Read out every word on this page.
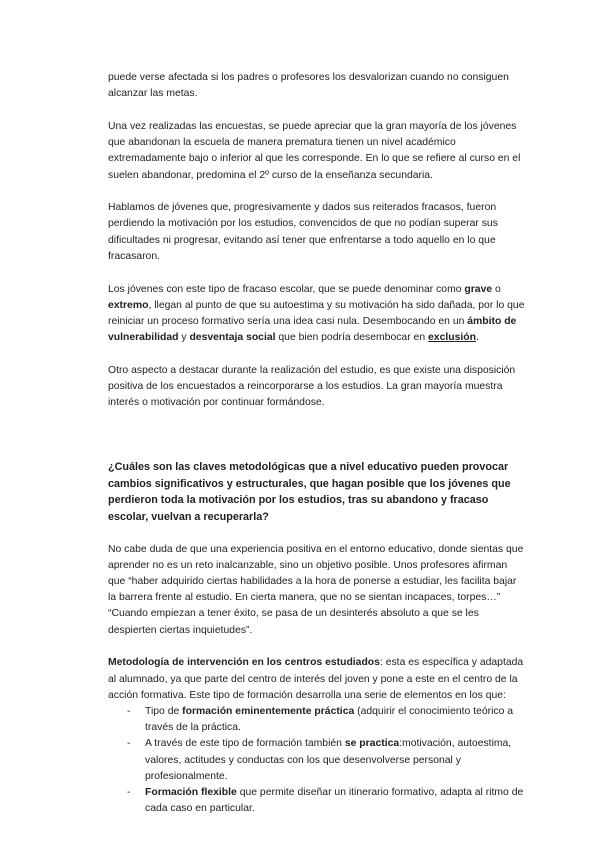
puede verse afectada si los padres o profesores los desvalorizan cuando no consiguen alcanzar las metas.

Una vez realizadas las encuestas, se puede apreciar que la gran mayoría de los jóvenes que abandonan la escuela de manera prematura tienen un nivel académico extremadamente bajo o inferior al que les corresponde. En lo que se refiere al curso en el suelen abandonar, predomina el 2º curso de la enseñanza secundaria.

Hablamos de jóvenes que, progresivamente y dados sus reiterados fracasos, fueron perdiendo la motivación por los estudios, convencidos de que no podían superar sus dificultades ni progresar, evitando así tener que enfrentarse a todo aquello en lo que fracasaron.

Los jóvenes con este tipo de fracaso escolar, que se puede denominar como grave o extremo, llegan al punto de que su autoestima y su motivación ha sido dañada, por lo que reiniciar un proceso formativo sería una idea casi nula. Desembocando en un ámbito de vulnerabilidad y desventaja social que bien podría desembocar en exclusión.

Otro aspecto a destacar durante la realización del estudio, es que existe una disposición positiva de los encuestados a reincorporarse a los estudios. La gran mayoría muestra interés o motivación por continuar formándose.

¿Cuáles son las claves metodológicas que a nivel educativo pueden provocar cambios significativos y estructurales, que hagan posible que los jóvenes que perdieron toda la motivación por los estudios, tras su abandono y fracaso escolar, vuelvan a recuperarla?

No cabe duda de que una experiencia positiva en el entorno educativo, donde sientas que aprender no es un reto inalcanzable, sino un objetivo posible. Unos profesores afirman que “haber adquirido ciertas habilidades a la hora de ponerse a estudiar, les facilita bajar la barrera frente al estudio. En cierta manera, que no se sientan incapaces, torpes…” “Cuando empiezan a tener éxito, se pasa de un desinterés absoluto a que se les despierten ciertas inquietudes”.

Metodología de intervención en los centros estudiados: esta es específica y adaptada al alumnado, ya que parte del centro de interés del joven y pone a este en el centro de la acción formativa. Este tipo de formación desarrolla una serie de elementos en los que:

- Tipo de formación eminentemente práctica (adquirir el conocimiento teórico a través de la práctica.
- A través de este tipo de formación también se practica:motivación, autoestima, valores, actitudes y conductas con los que desenvolverse personal y profesionalmente.
- Formación flexible que permite diseñar un itinerario formativo, adapta al ritmo de cada caso en particular.
